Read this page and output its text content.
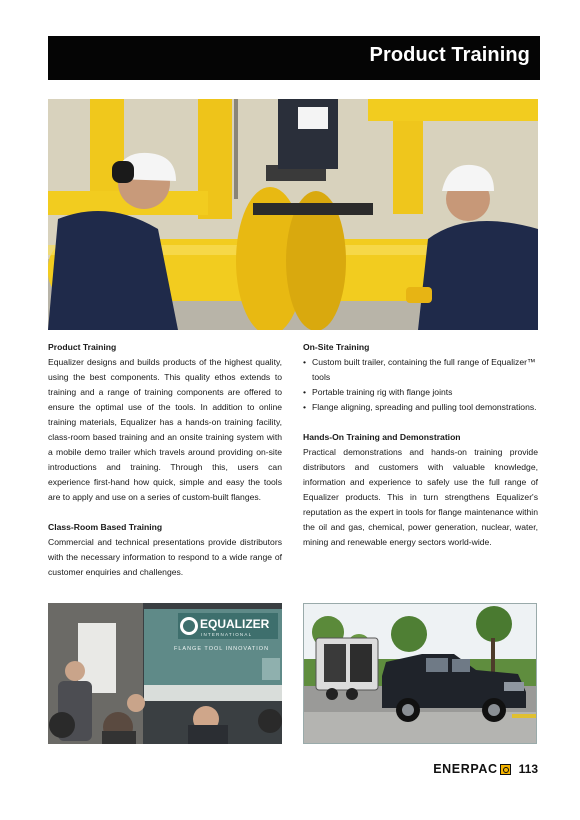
Product Training
Product Training

Equalizer designs and builds products of the highest quality, using the best components. This quality ethos extends to training and a range of training components are offered to ensure the optimal use of the tools. In addition to online training materials, Equalizer has a hands-on training facility, class-room based training and an onsite training system with a mobile demo trailer which travels around providing on-site introductions and training. Through this, users can experience first-hand how quick, simple and easy the tools are to apply and use on a series of custom-built flanges.

Class-Room Based Training

Commercial and technical presentations provide distributors with the necessary information to respond to a wide range of customer enquiries and challenges.

On-Site Training
• Custom built trailer, containing the full range of Equalizer™ tools
• Portable training rig with flange joints
• Flange aligning, spreading and pulling tool demonstrations.
Hands-On Training and Demonstration

Practical demonstrations and hands-on training provide distributors and customers with valuable knowledge, information and experience to safely use the full range of Equalizer products. This in turn strengthens Equalizer's reputation as the expert in tools for flange maintenance within the oil and gas, chemical, power generation, nuclear, water, mining and renewable energy sectors world-wide.

EQUALIZER
INTERNATIONAL
FLANGE TOOL INNOVATION
ENERPAC 113
